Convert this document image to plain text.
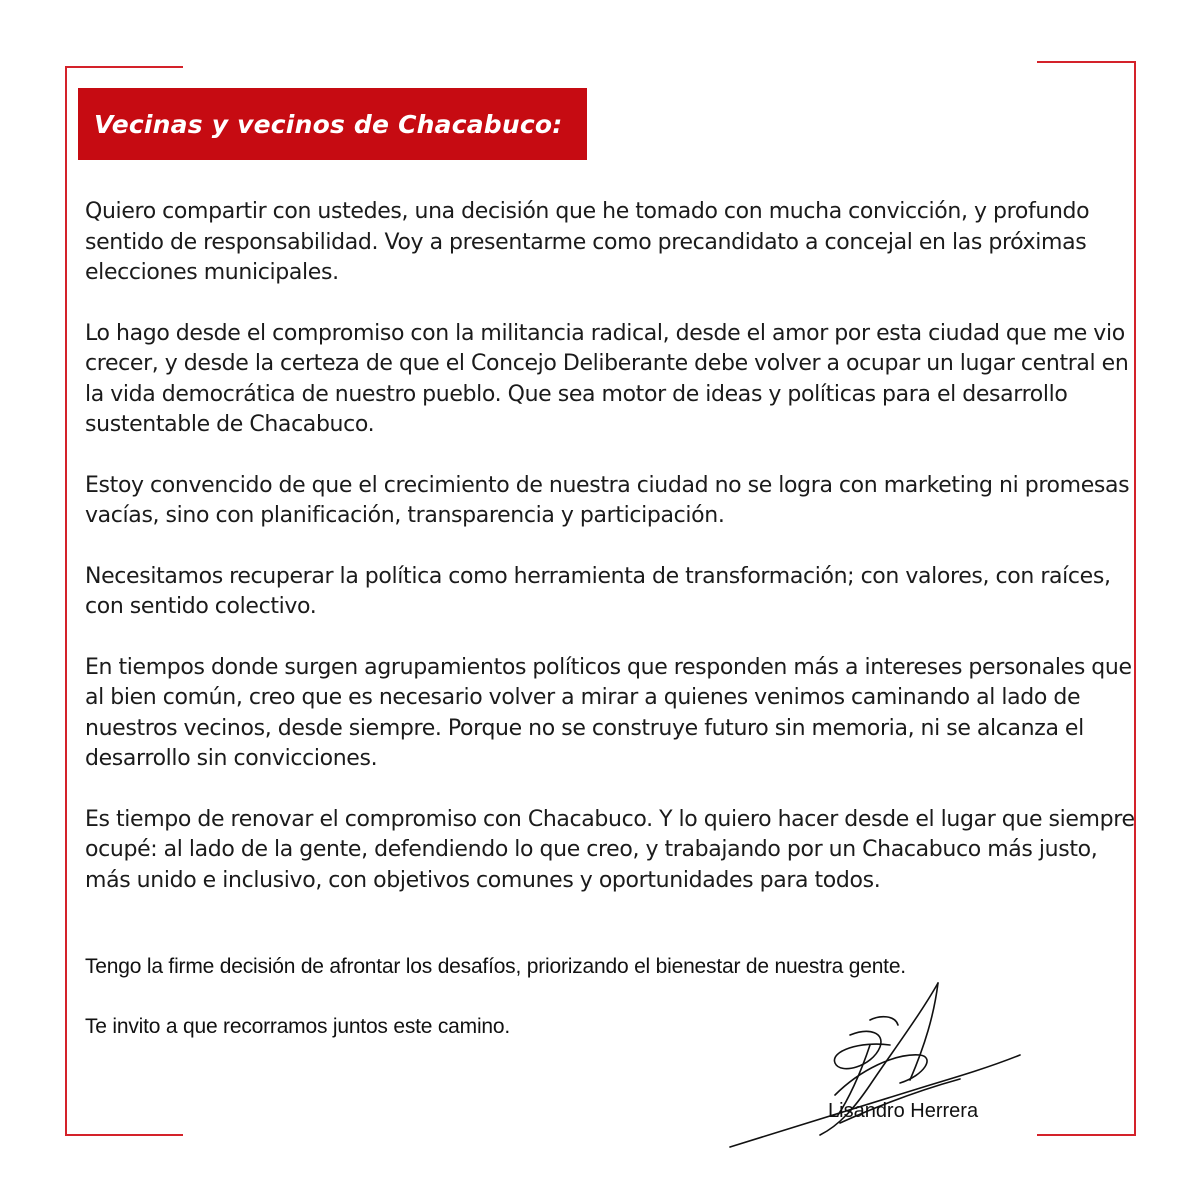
Vecinas y vecinos de Chacabuco:

Quiero compartir con ustedes, una decisión que he tomado con mucha convicción, y profundo sentido de responsabilidad. Voy a presentarme como precandidato a concejal en las próximas elecciones municipales.

Lo hago desde el compromiso con la militancia radical, desde el amor por esta ciudad que me vio crecer, y desde la certeza de que el Concejo Deliberante debe volver a ocupar un lugar central en la vida democrática de nuestro pueblo. Que sea motor de ideas y políticas para el desarrollo sustentable de Chacabuco.

Estoy convencido de que el crecimiento de nuestra ciudad no se logra con marketing ni promesas vacías, sino con planificación, transparencia y participación.

Necesitamos recuperar la política como herramienta de transformación; con valores, con raíces, con sentido colectivo.

En tiempos donde surgen agrupamientos políticos que responden más a intereses personales que al bien común, creo que es necesario volver a mirar a quienes venimos caminando al lado de nuestros vecinos, desde siempre. Porque no se construye futuro sin memoria, ni se alcanza el desarrollo sin convicciones.

Es tiempo de renovar el compromiso con Chacabuco. Y lo quiero hacer desde el lugar que siempre ocupé: al lado de la gente, defendiendo lo que creo, y trabajando por un Chacabuco más justo, más unido e inclusivo, con objetivos comunes y oportunidades para todos.

Tengo la firme decisión de afrontar los desafíos, priorizando el bienestar de nuestra gente.
Te invito a que recorramos juntos este camino.
Lisandro Herrera
